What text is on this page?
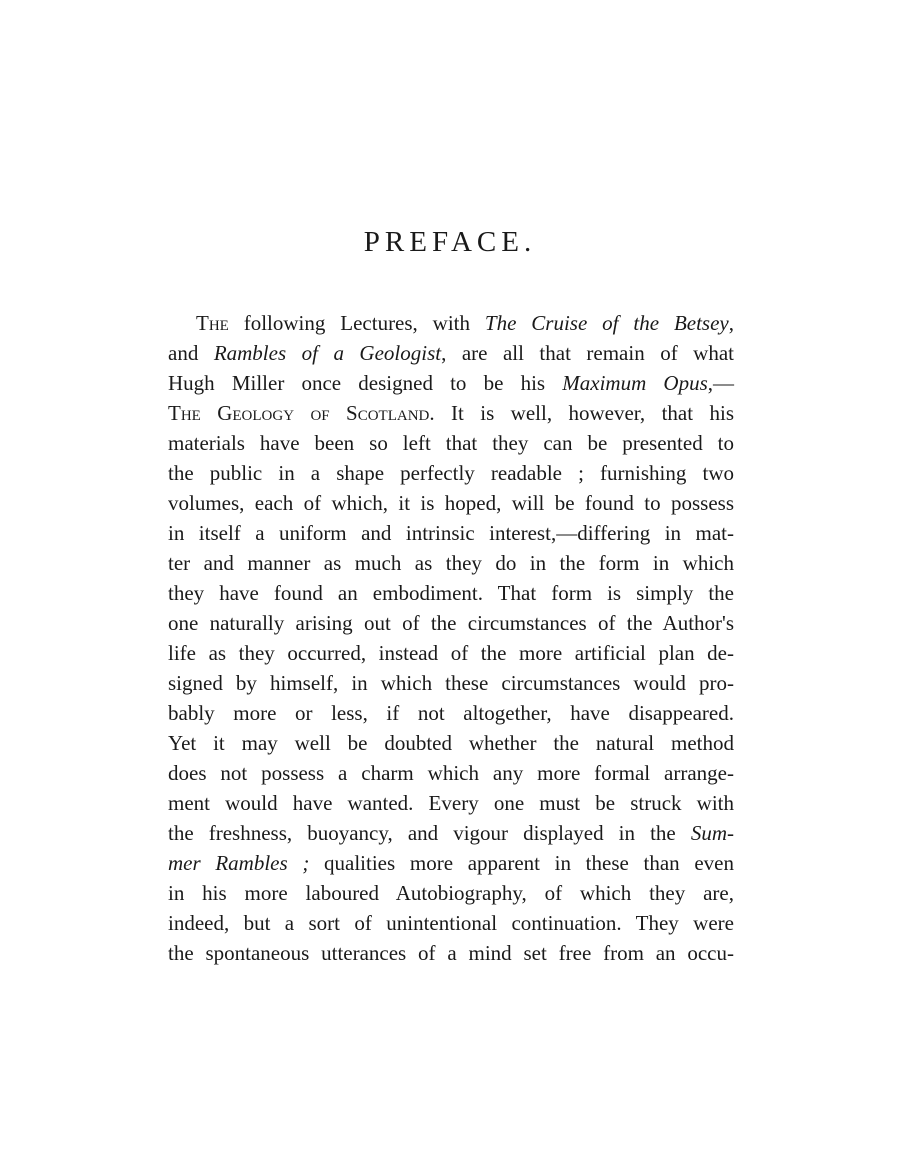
PREFACE.
The following Lectures, with The Cruise of the Betsey,
and Rambles of a Geologist, are all that remain of what
Hugh Miller once designed to be his Maximum Opus,—
The Geology of Scotland. It is well, however, that his
materials have been so left that they can be presented to
the public in a shape perfectly readable ; furnishing two
volumes, each of which, it is hoped, will be found to possess
in itself a uniform and intrinsic interest,—differing in mat-
ter and manner as much as they do in the form in which
they have found an embodiment. That form is simply the
one naturally arising out of the circumstances of the Author's
life as they occurred, instead of the more artificial plan de-
signed by himself, in which these circumstances would pro-
bably more or less, if not altogether, have disappeared.
Yet it may well be doubted whether the natural method
does not possess a charm which any more formal arrange-
ment would have wanted. Every one must be struck with
the freshness, buoyancy, and vigour displayed in the Sum-
mer Rambles ; qualities more apparent in these than even
in his more laboured Autobiography, of which they are,
indeed, but a sort of unintentional continuation. They were
the spontaneous utterances of a mind set free from an occu-
